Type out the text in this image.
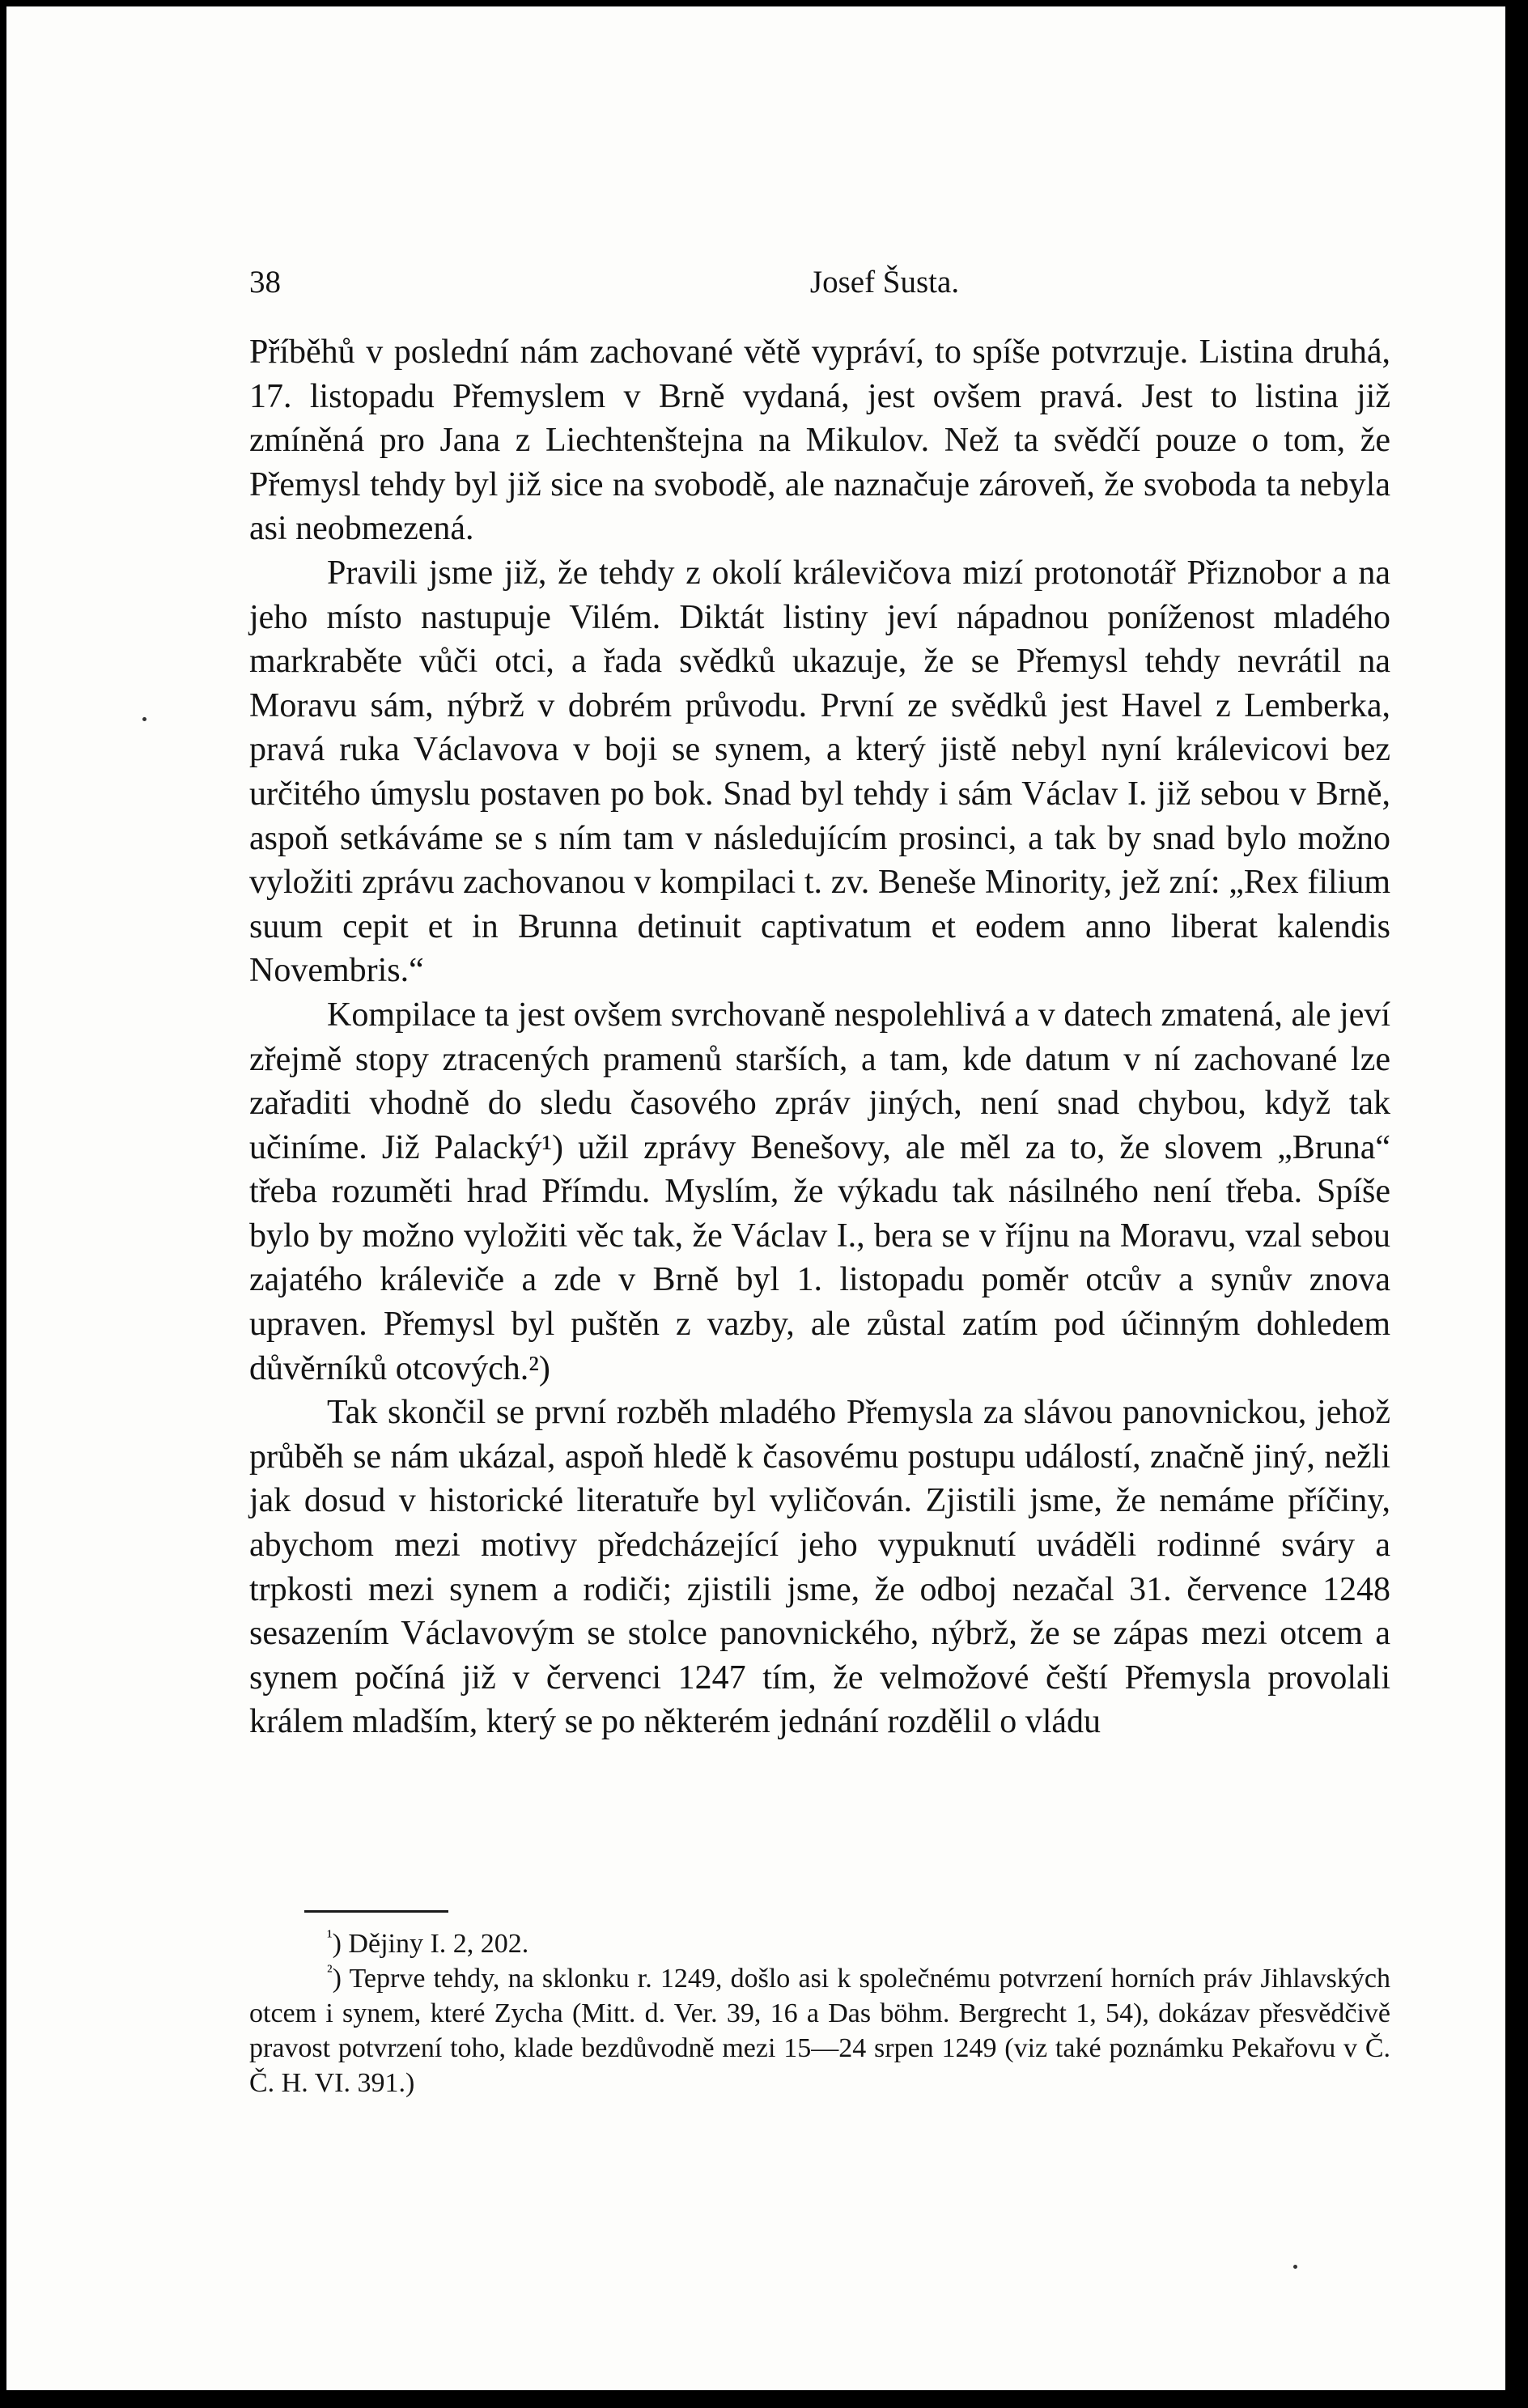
38	Josef Šusta.

Příběhů v poslední nám zachované větě vypráví, to spíše potvrzuje. Listina druhá, 17. listopadu Přemyslem v Brně vydaná, jest ovšem pravá. Jest to listina již zmíněná pro Jana z Liechtenštejna na Mikulov. Než ta svědčí pouze o tom, že Přemysl tehdy byl již sice na svobodě, ale naznačuje zároveň, že svoboda ta nebyla asi neobmezená.

Pravili jsme již, že tehdy z okolí králevičova mizí protonotář Přiznobor a na jeho místo nastupuje Vilém. Diktát listiny jeví nápadnou poníženost mladého markraběte vůči otci, a řada svědků ukazuje, že se Přemysl tehdy nevrátil na Moravu sám, nýbrž v dobrém průvodu. První ze svědků jest Havel z Lemberka, pravá ruka Václavova v boji se synem, a který jistě nebyl nyní králevicovi bez určitého úmyslu postaven po bok. Snad byl tehdy i sám Václav I. již sebou v Brně, aspoň setkáváme se s ním tam v následujícím prosinci, a tak by snad bylo možno vyložiti zprávu zachovanou v kompilaci t. zv. Beneše Minority, jež zní: „Rex filium suum cepit et in Brunna detinuit captivatum et eodem anno liberat kalendis Novembris.“

Kompilace ta jest ovšem svrchovaně nespolehlivá a v datech zmatená, ale jeví zřejmě stopy ztracených pramenů starších, a tam, kde datum v ní zachované lze zařaditi vhodně do sledu časového zpráv jiných, není snad chybou, když tak učiníme. Již Palacký¹) užil zprávy Benešovy, ale měl za to, že slovem „Bruna“ třeba rozuměti hrad Přímdu. Myslím, že výkadu tak násilného není třeba. Spíše bylo by možno vyložiti věc tak, že Václav I., bera se v říjnu na Moravu, vzal sebou zajatého králeviče a zde v Brně byl 1. listopadu poměr otcův a synův znova upraven. Přemysl byl puštěn z vazby, ale zůstal zatím pod účinným dohledem důvěrníků otcových.²)

Tak skončil se první rozběh mladého Přemysla za slávou panovnickou, jehož průběh se nám ukázal, aspoň hledě k časovému postupu událostí, značně jiný, nežli jak dosud v historické literatuře byl vyličován. Zjistili jsme, že nemáme příčiny, abychom mezi motivy předcházející jeho vypuknutí uváděli rodinné sváry a trpkosti mezi synem a rodiči; zjistili jsme, že odboj nezačal 31. července 1248 sesazením Václavovým se stolce panovnického, nýbrž, že se zápas mezi otcem a synem počíná již v červenci 1247 tím, že velmožové čeští Přemysla provolali králem mladším, který se po některém jednání rozdělil o vládu

$^{^1}$) Dějiny I. 2, 202.

$^{^2}$) Teprve tehdy, na sklonku r. 1249, došlo asi k společnému potvrzení horních práv Jihlavských otcem i synem, které Zycha (Mitt. d. Ver. 39, 16 a Das böhm. Bergrecht 1, 54), dokázav přesvědčivě pravost potvrzení toho, klade bezdůvodně mezi 15—24 srpen 1249 (viz také poznámku Pekařovu v Č. Č. H. VI. 391.)
